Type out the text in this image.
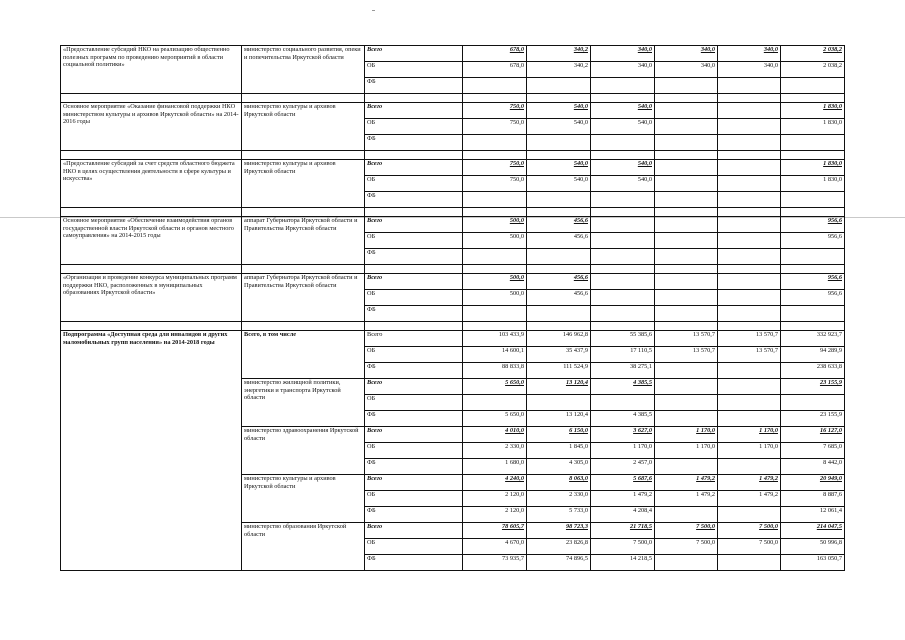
«Предоставление субсидий НКО на реализацию общественно полезных программ по проведению мероприятий в области социальной политики»	министерство социального развития, опеки и попечительства Иркутской области	Всего	678,0	340,2	340,0	340,0	340,0	2 038,2
		ОБ	678,0	340,2	340,0	340,0	340,0	2 038,2
		ФБ						

Основное мероприятие «Оказание финансовой поддержки НКО министерством культуры и архивов Иркутской области» на 2014-2016 годы	министерство культуры и архивов Иркутской области	Всего	750,0	540,0	540,0			1 830,0
		ОБ	750,0	540,0	540,0			1 830,0
		ФБ						

«Предоставление субсидий за счет средств областного бюджета НКО в целях осуществления деятельности в сфере культуры и искусства»	министерство культуры и архивов Иркутской области	Всего	750,0	540,0	540,0			1 830,0
		ОБ	750,0	540,0	540,0			1 830,0
		ФБ						

Основное мероприятие «Обеспечение взаимодействия органов государственной власти Иркутской области и органов местного самоуправления» на 2014-2015 годы	аппарат Губернатора Иркутской области и Правительства Иркутской области	Всего	500,0	456,6				956,6
		ОБ	500,0	456,6				956,6
		ФБ						

«Организация и проведение конкурса муниципальных программ поддержки НКО, расположенных в муниципальных образованиях Иркутской области»	аппарат Губернатора Иркутской области и Правительства Иркутской области	Всего	500,0	456,6				956,6
		ОБ	500,0	456,6				956,6
		ФБ						

Подпрограмма «Доступная среда для инвалидов и других маломобильных групп населения» на 2014-2018 годы	Всего, в том числе	Всего	103 433,9	146 962,8	55 385,6	13 570,7	13 570,7	332 923,7
		ОБ	14 600,1	35 437,9	17 110,5	13 570,7	13 570,7	94 289,9
		ФБ	88 833,8	111 524,9	38 275,1			238 633,8
	министерство жилищной политики, энергетики и транспорта Иркутской области	Всего	5 650,0	13 120,4	4 385,5			23 155,9
		ОБ						
		ФБ	5 650,0	13 120,4	4 385,5			23 155,9
	министерство здравоохранения Иркутской области	Всего	4 010,0	6 150,0	3 627,0	1 170,0	1 170,0	16 127,0
		ОБ	2 330,0	1 845,0	1 170,0	1 170,0	1 170,0	7 685,0
		ФБ	1 680,0	4 305,0	2 457,0			8 442,0
	министерство культуры и архивов Иркутской области	Всего	4 240,0	8 063,0	5 687,6	1 479,2	1 479,2	20 949,0
		ОБ	2 120,0	2 330,0	1 479,2	1 479,2	1 479,2	8 887,6
		ФБ	2 120,0	5 733,0	4 208,4			12 061,4
	министерство образования Иркутской области	Всего	78 605,7	98 723,3	21 718,5	7 500,0	7 500,0	214 047,5
		ОБ	4 670,0	23 826,8	7 500,0	7 500,0	7 500,0	50 996,8
		ФБ	73 935,7	74 896,5	14 218,5			163 050,7
